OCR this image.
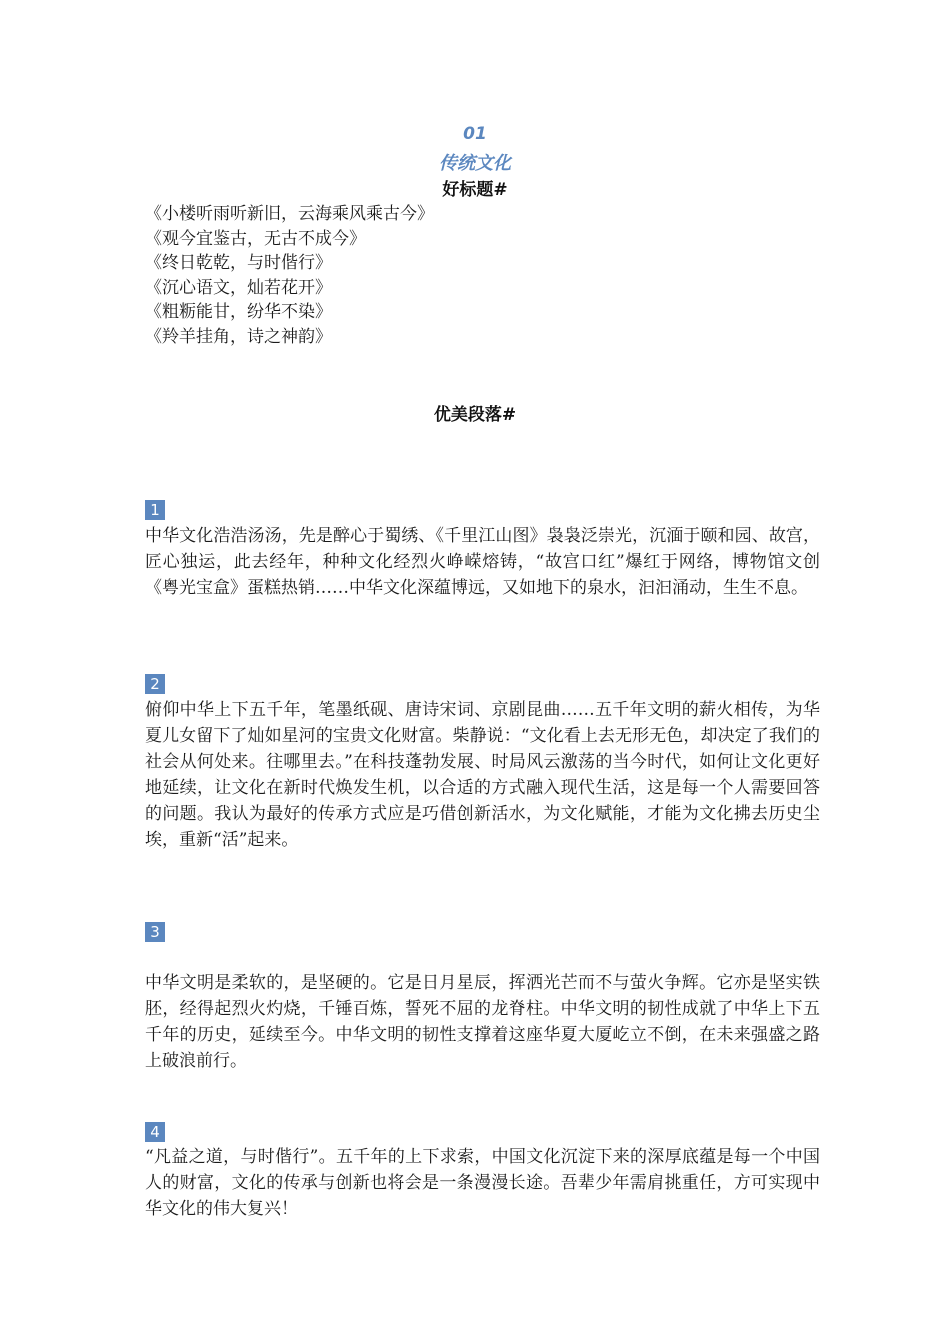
01
传统文化
好标题#
《小楼听雨听新旧，云海乘风乘古今》
《观今宜鉴古，无古不成今》
《终日乾乾，与时偕行》
《沉心语文，灿若花开》
《粗粝能甘，纷华不染》
《羚羊挂角，诗之神韵》
优美段落#
1
中华文化浩浩汤汤，先是醉心于蜀绣、《千里江山图》袅袅泛崇光，沉湎于颐和园、故宫，匠心独运，此去经年，种种文化经烈火峥嵘熔铸，“故宫口红”爆红于网络，博物馆文创《粤光宝盒》蛋糕热销……中华文化深蕴博远，又如地下的泉水，汩汩涌动，生生不息。
2
俯仰中华上下五千年，笔墨纸砚、唐诗宋词、京剧昆曲……五千年文明的薪火相传，为华夏儿女留下了灿如星河的宝贵文化财富。柴静说：“文化看上去无形无色，却决定了我们的社会从何处来。往哪里去。”在科技蓬勃发展、时局风云激荡的当今时代，如何让文化更好地延续，让文化在新时代焕发生机，以合适的方式融入现代生活，这是每一个人需要回答的问题。我认为最好的传承方式应是巧借创新活水，为文化赋能，才能为文化拂去历史尘埃，重新“活”起来。
3
中华文明是柔软的，是坚硬的。它是日月星辰，挥洒光芒而不与萤火争辉。它亦是坚实铁胚，经得起烈火灼烧，千锤百炼，誓死不屈的龙脊柱。中华文明的韧性成就了中华上下五千年的历史，延续至今。中华文明的韧性支撑着这座华夏大厦屹立不倒，在未来强盛之路上破浪前行。
4
“凡益之道，与时偕行”。五千年的上下求索，中国文化沉淀下来的深厚底蕴是每一个中国人的财富，文化的传承与创新也将会是一条漫漫长途。吾辈少年需肩挑重任，方可实现中华文化的伟大复兴！
